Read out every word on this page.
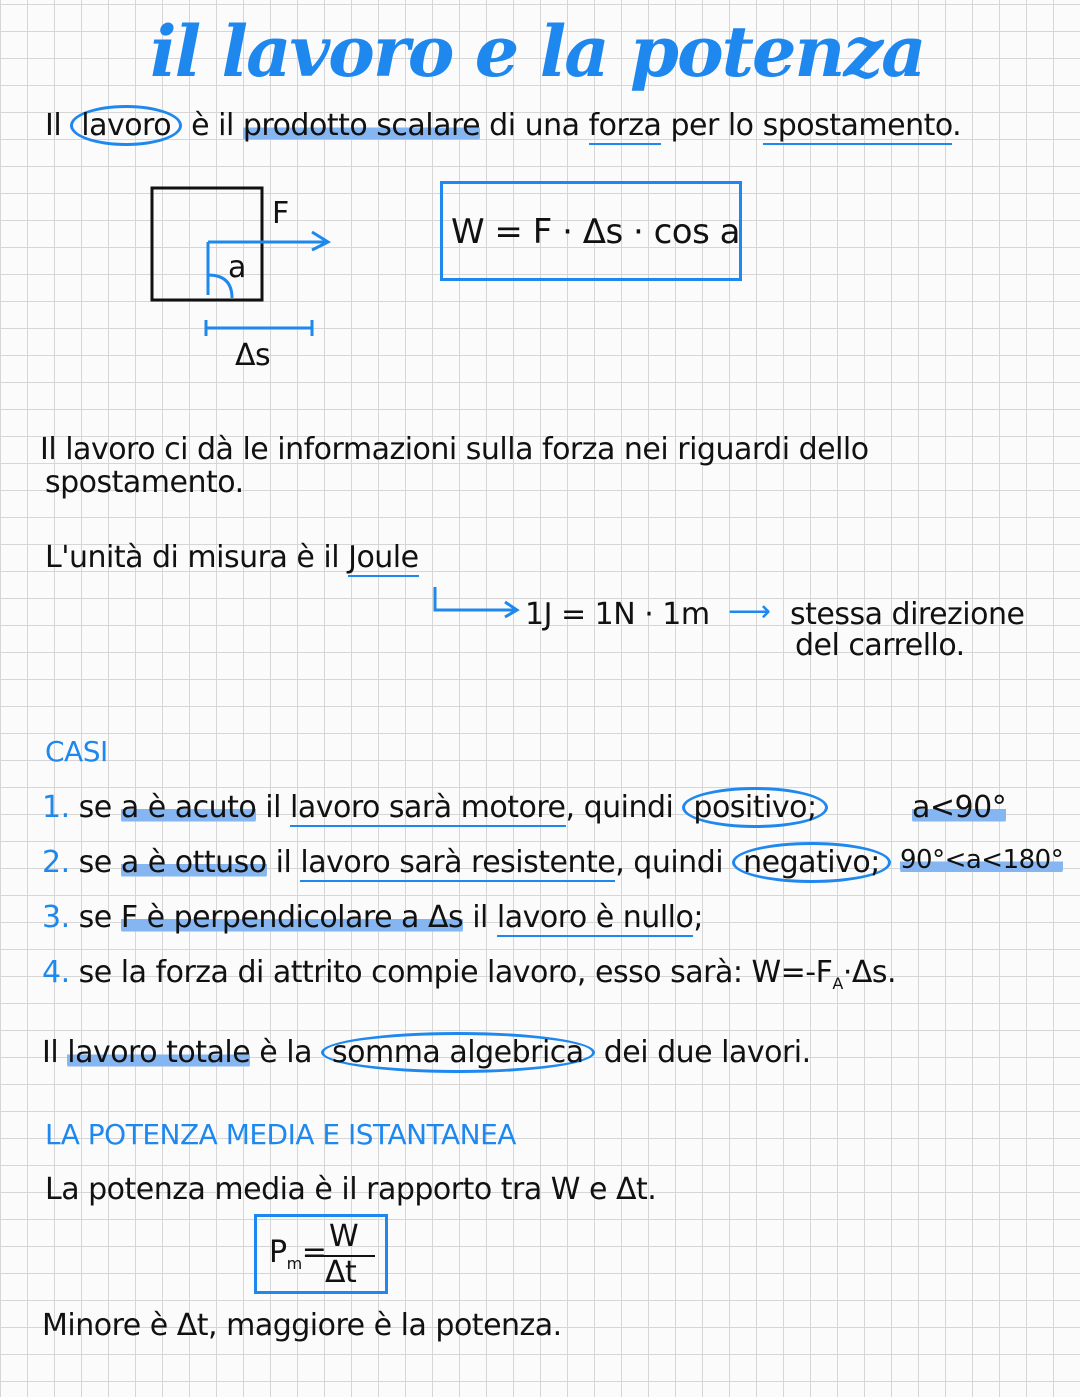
il lavoro e la potenza
Il lavoro è il prodotto scalare di una forza per lo spostamento.
F
a
Δs
W = F · Δs · cos a
Il lavoro ci dà le informazioni sulla forza nei riguardi dello
spostamento.
L'unità di misura è il Joule
1J = 1N · 1m ⟶ stessa direzione
del carrello.
CASI
1. se a è acuto il lavoro sarà motore, quindi positivo;	a<90°
2. se a è ottuso il lavoro sarà resistente, quindi negativo; 90°<a<180°
3. se F è perpendicolare a Δs il lavoro è nullo;
4. se la forza di attrito compie lavoro, esso sarà: $W=-F_A\cdot\Delta s$.
Il lavoro totale è la somma algebrica dei due lavori.
LA POTENZA MEDIA E ISTANTANEA
La potenza media è il rapporto tra W e Δt.
$P_m= W$
Δt
Minore è Δt, maggiore è la potenza.
